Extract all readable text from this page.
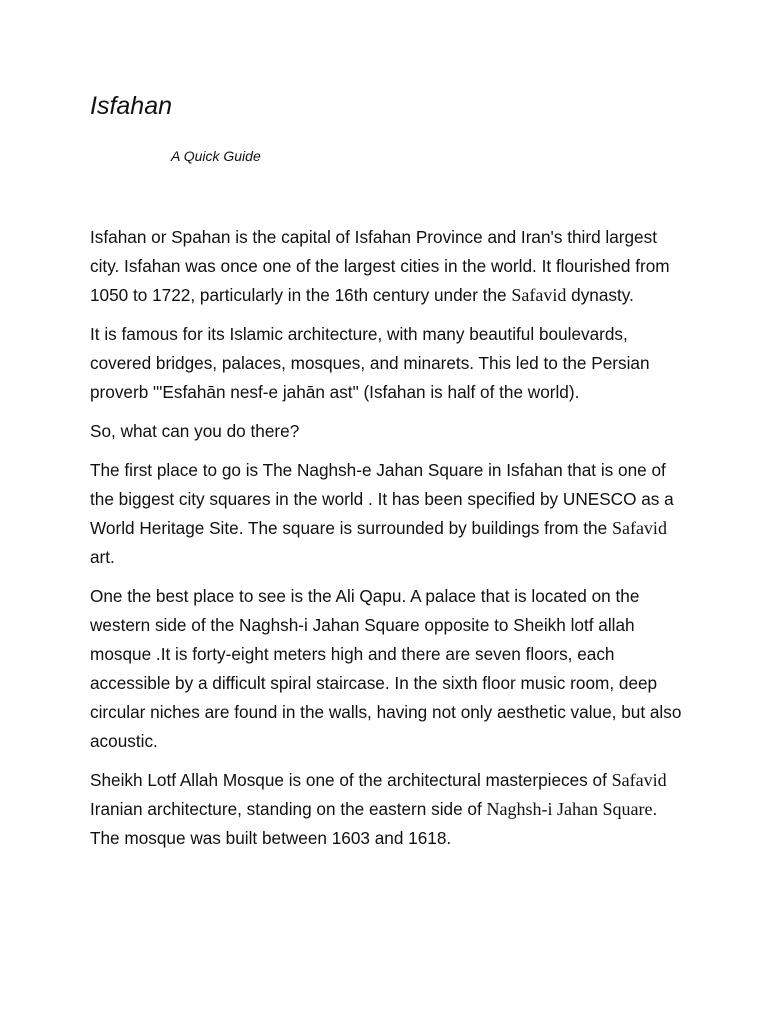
Isfahan

A Quick Guide

Isfahan or Spahan is the capital of Isfahan Province and Iran's third largest city. Isfahan was once one of the largest cities in the world. It flourished from 1050 to 1722, particularly in the 16th century under the Safavid dynasty.

It is famous for its Islamic architecture, with many beautiful boulevards, covered bridges, palaces, mosques, and minarets. This led to the Persian proverb "'Esfahān nesf-e jahān ast" (Isfahan is half of the world).

So, what can you do there?

The first place to go is The Naghsh-e Jahan Square in Isfahan that is one of the biggest city squares in the world . It has been specified by UNESCO as a World Heritage Site. The square is surrounded by buildings from the Safavid art.

One the best place to see is the Ali Qapu. A palace that is located on the western side of the Naghsh-i Jahan Square opposite to Sheikh lotf allah mosque .It is forty-eight meters high and there are seven floors, each accessible by a difficult spiral staircase. In the sixth floor music room, deep circular niches are found in the walls, having not only aesthetic value, but also acoustic.

Sheikh Lotf Allah Mosque is one of the architectural masterpieces of Safavid Iranian architecture, standing on the eastern side of Naghsh-i Jahan Square. The mosque was built between 1603 and 1618.
